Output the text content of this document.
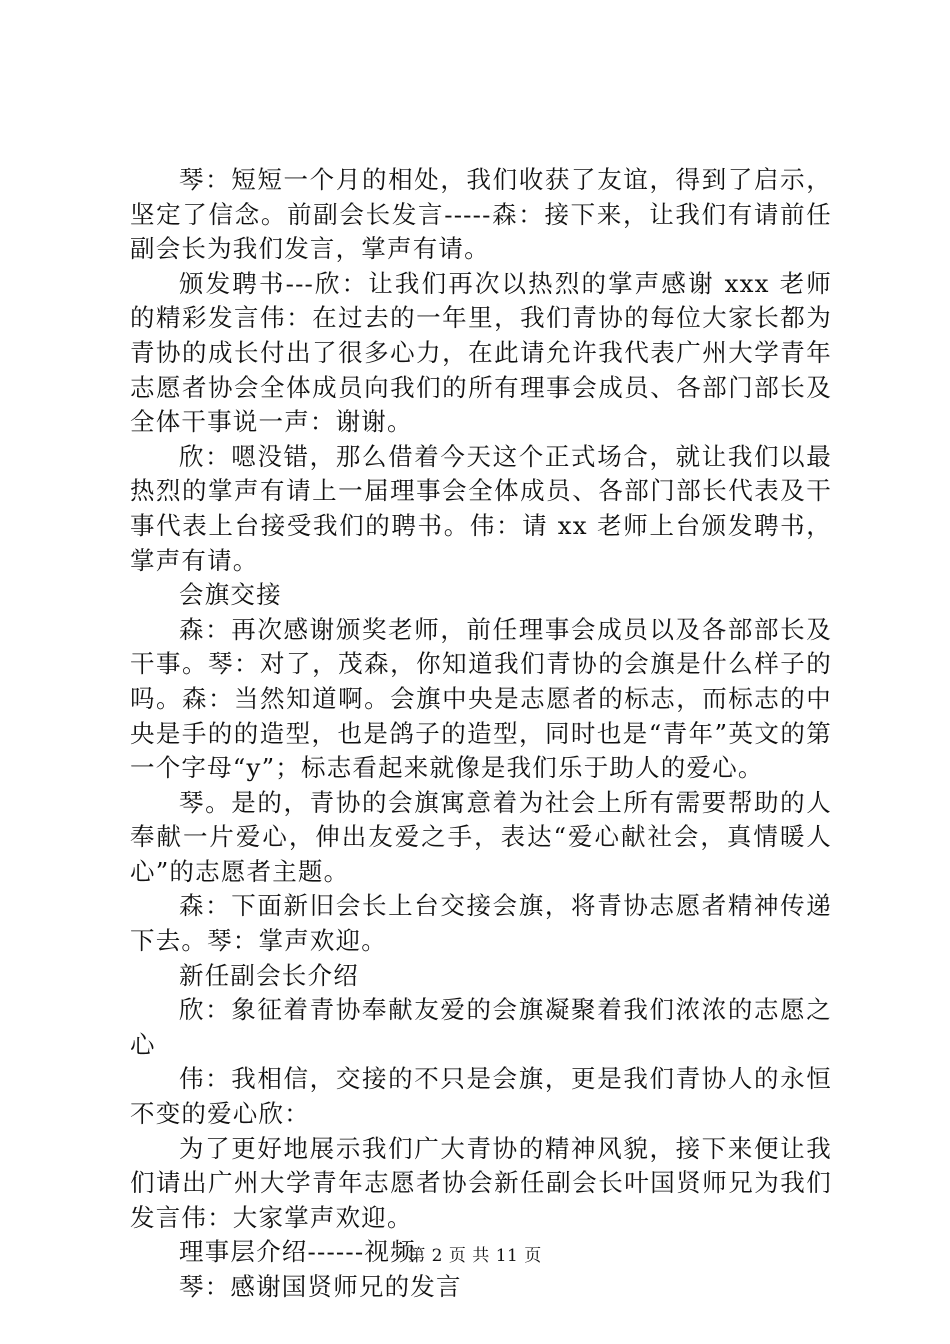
琴：短短一个月的相处，我们收获了友谊，得到了启示，坚定了信念。前副会长发言-----森：接下来，让我们有请前任副会长为我们发言，掌声有请。

颁发聘书---欣：让我们再次以热烈的掌声感谢 xxx 老师的精彩发言伟：在过去的一年里，我们青协的每位大家长都为青协的成长付出了很多心力，在此请允许我代表广州大学青年志愿者协会全体成员向我们的所有理事会成员、各部门部长及全体干事说一声：谢谢。

欣：嗯没错，那么借着今天这个正式场合，就让我们以最热烈的掌声有请上一届理事会全体成员、各部门部长代表及干事代表上台接受我们的聘书。伟：请 xx 老师上台颁发聘书，掌声有请。

会旗交接

森：再次感谢颁奖老师，前任理事会成员以及各部部长及干事。琴：对了，茂森，你知道我们青协的会旗是什么样子的吗。森：当然知道啊。会旗中央是志愿者的标志，而标志的中央是手的的造型，也是鸽子的造型，同时也是“青年”英文的第一个字母“y”；标志看起来就像是我们乐于助人的爱心。

琴。是的，青协的会旗寓意着为社会上所有需要帮助的人奉献一片爱心，伸出友爱之手，表达“爱心献社会，真情暖人心”的志愿者主题。

森：下面新旧会长上台交接会旗，将青协志愿者精神传递下去。琴：掌声欢迎。

新任副会长介绍

欣：象征着青协奉献友爱的会旗凝聚着我们浓浓的志愿之心

伟：我相信，交接的不只是会旗，更是我们青协人的永恒不变的爱心欣：

为了更好地展示我们广大青协的精神风貌，接下来便让我们请出广州大学青年志愿者协会新任副会长叶国贤师兄为我们发言伟：大家掌声欢迎。

理事层介绍------视频

琴：感谢国贤师兄的发言

第 2 页 共 11 页
